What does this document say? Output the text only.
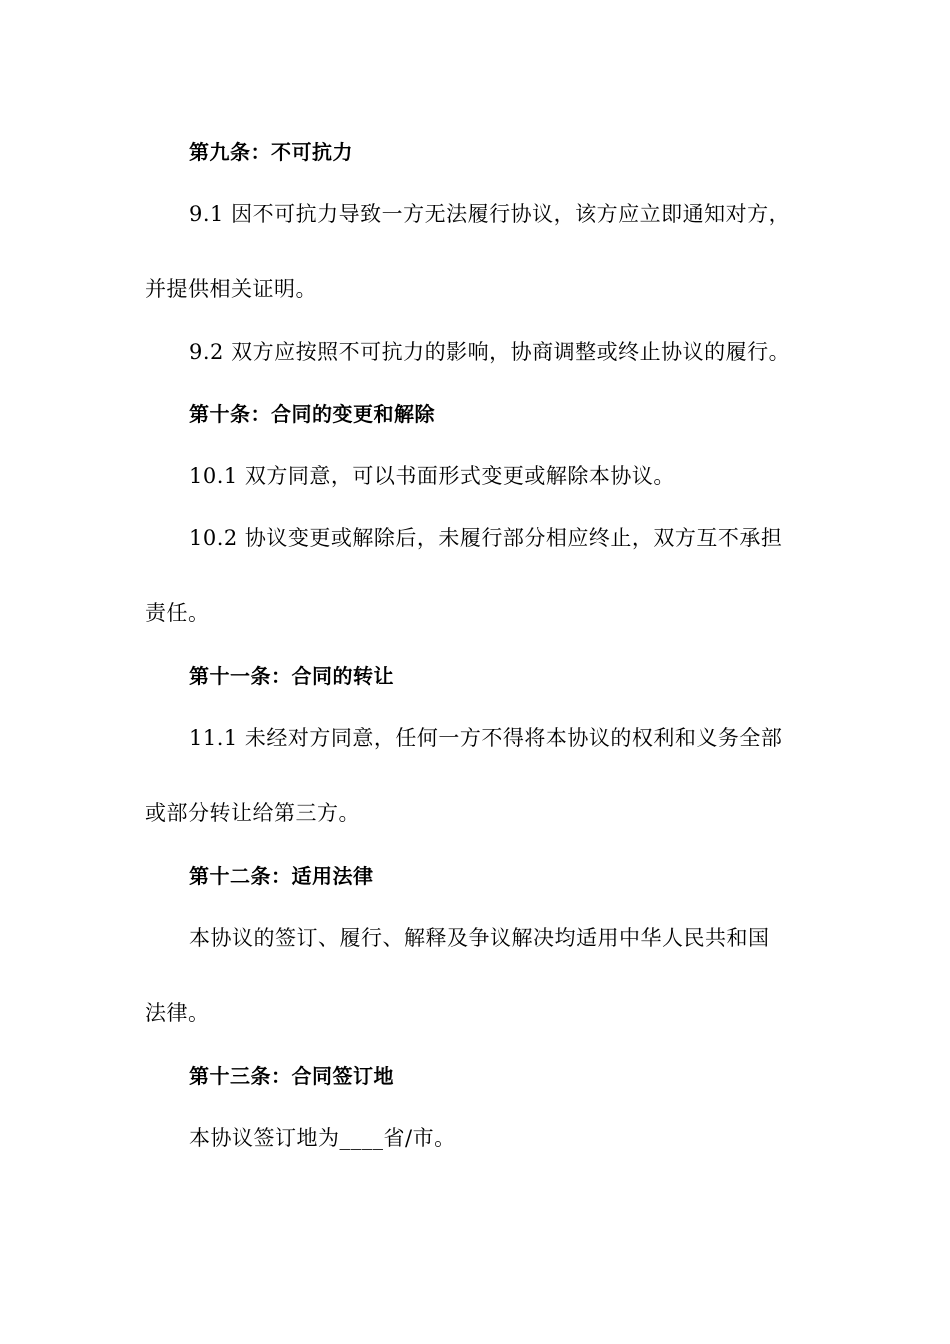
第九条：不可抗力
9.1 因不可抗力导致一方无法履行协议，该方应立即通知对方，
并提供相关证明。
9.2 双方应按照不可抗力的影响，协商调整或终止协议的履行。
第十条：合同的变更和解除
10.1 双方同意，可以书面形式变更或解除本协议。
10.2 协议变更或解除后，未履行部分相应终止，双方互不承担
责任。
第十一条：合同的转让
11.1 未经对方同意，任何一方不得将本协议的权利和义务全部
或部分转让给第三方。
第十二条：适用法律
本协议的签订、履行、解释及争议解决均适用中华人民共和国
法律。
第十三条：合同签订地
本协议签订地为____省/市。
